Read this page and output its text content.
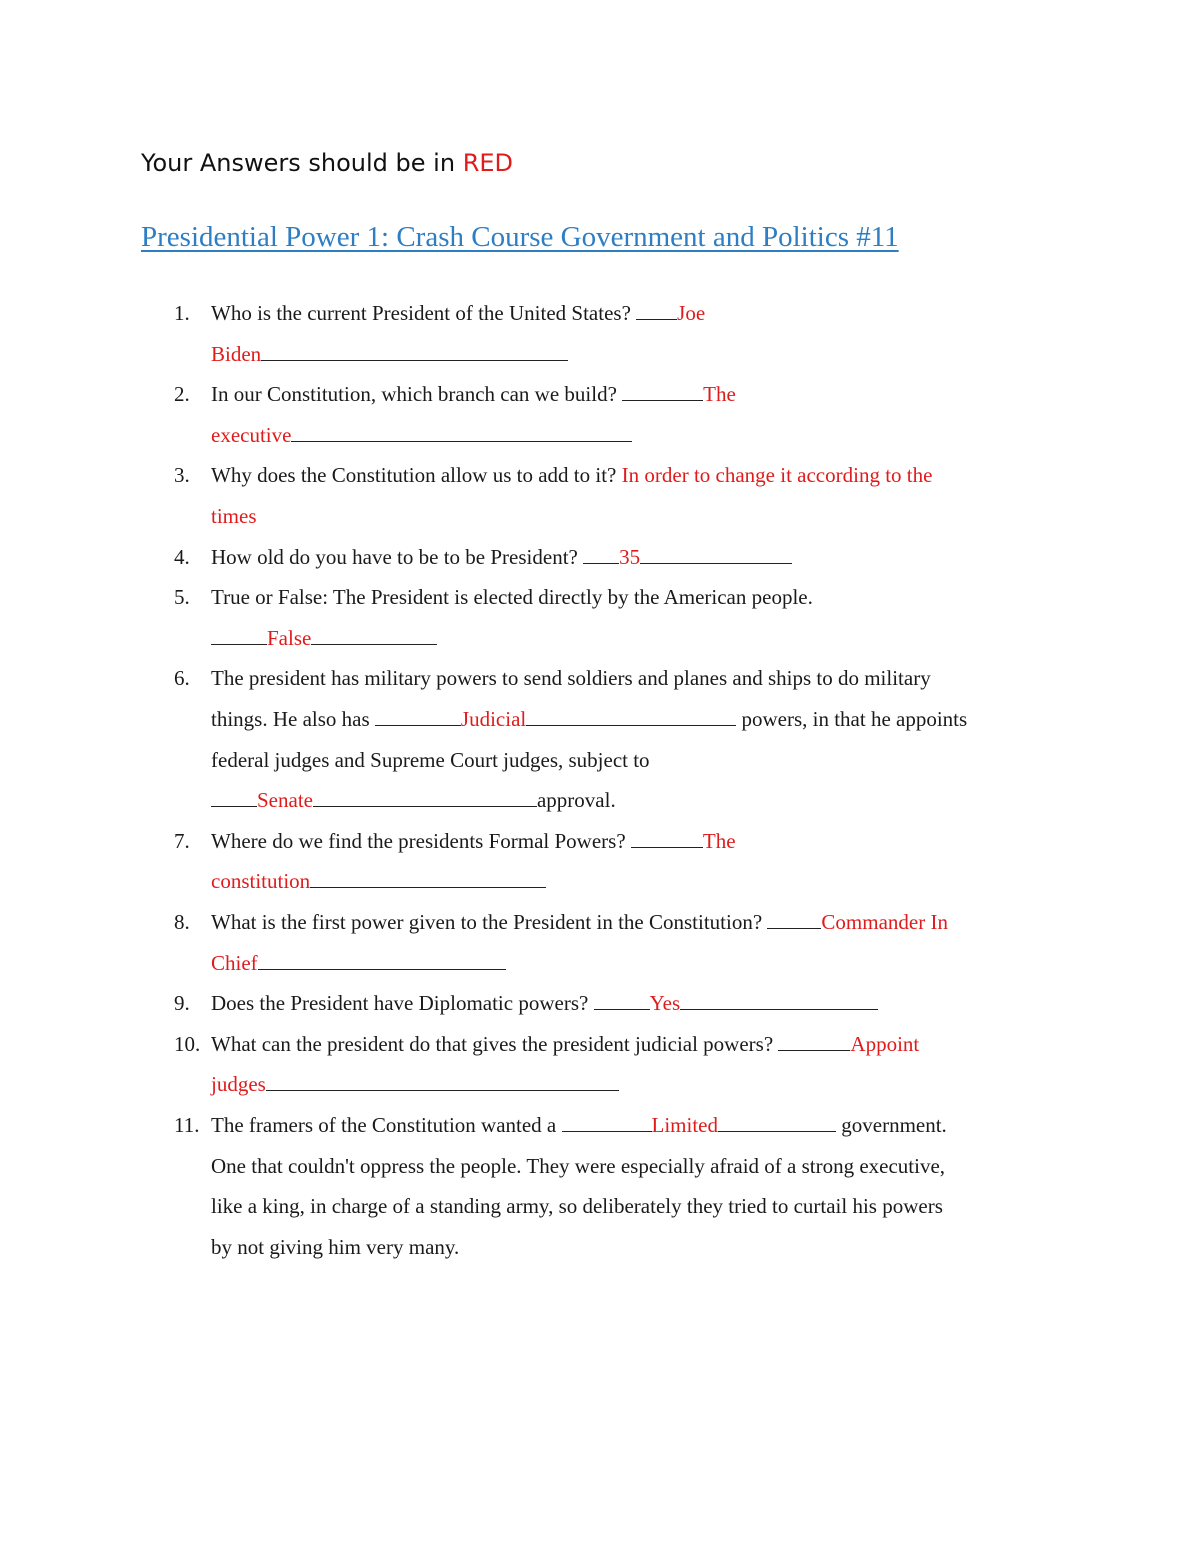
Your Answers should be in RED
Presidential Power 1: Crash Course Government and Politics #11
1.	Who is the current President of the United States? Joe
Biden
2.	In our Constitution, which branch can we build?	The
executive
3.	Why does the Constitution allow us to add to it? In order to change it according to the
times
4.	How old do you have to be to be President? 35
5.	True or False: The President is elected directly by the American people.
False
6.	The president has military powers to send soldiers and planes and ships to do military
things. He also has	Judicial	powers, in that he appoints
federal judges and Supreme Court judges, subject to
Senate	approval.
7.	Where do we find the presidents Formal Powers?	The
constitution
8.	What is the first power given to the President in the Constitution?	Commander In
Chief
9.	Does the President have Diplomatic powers?	Yes
10. What can the president do that gives the president judicial powers?	Appoint
judges
11. The framers of the Constitution wanted a	Limited	government.
One that couldn't oppress the people. They were especially afraid of a strong executive,
like a king, in charge of a standing army, so deliberately they tried to curtail his powers
by not giving him very many.
